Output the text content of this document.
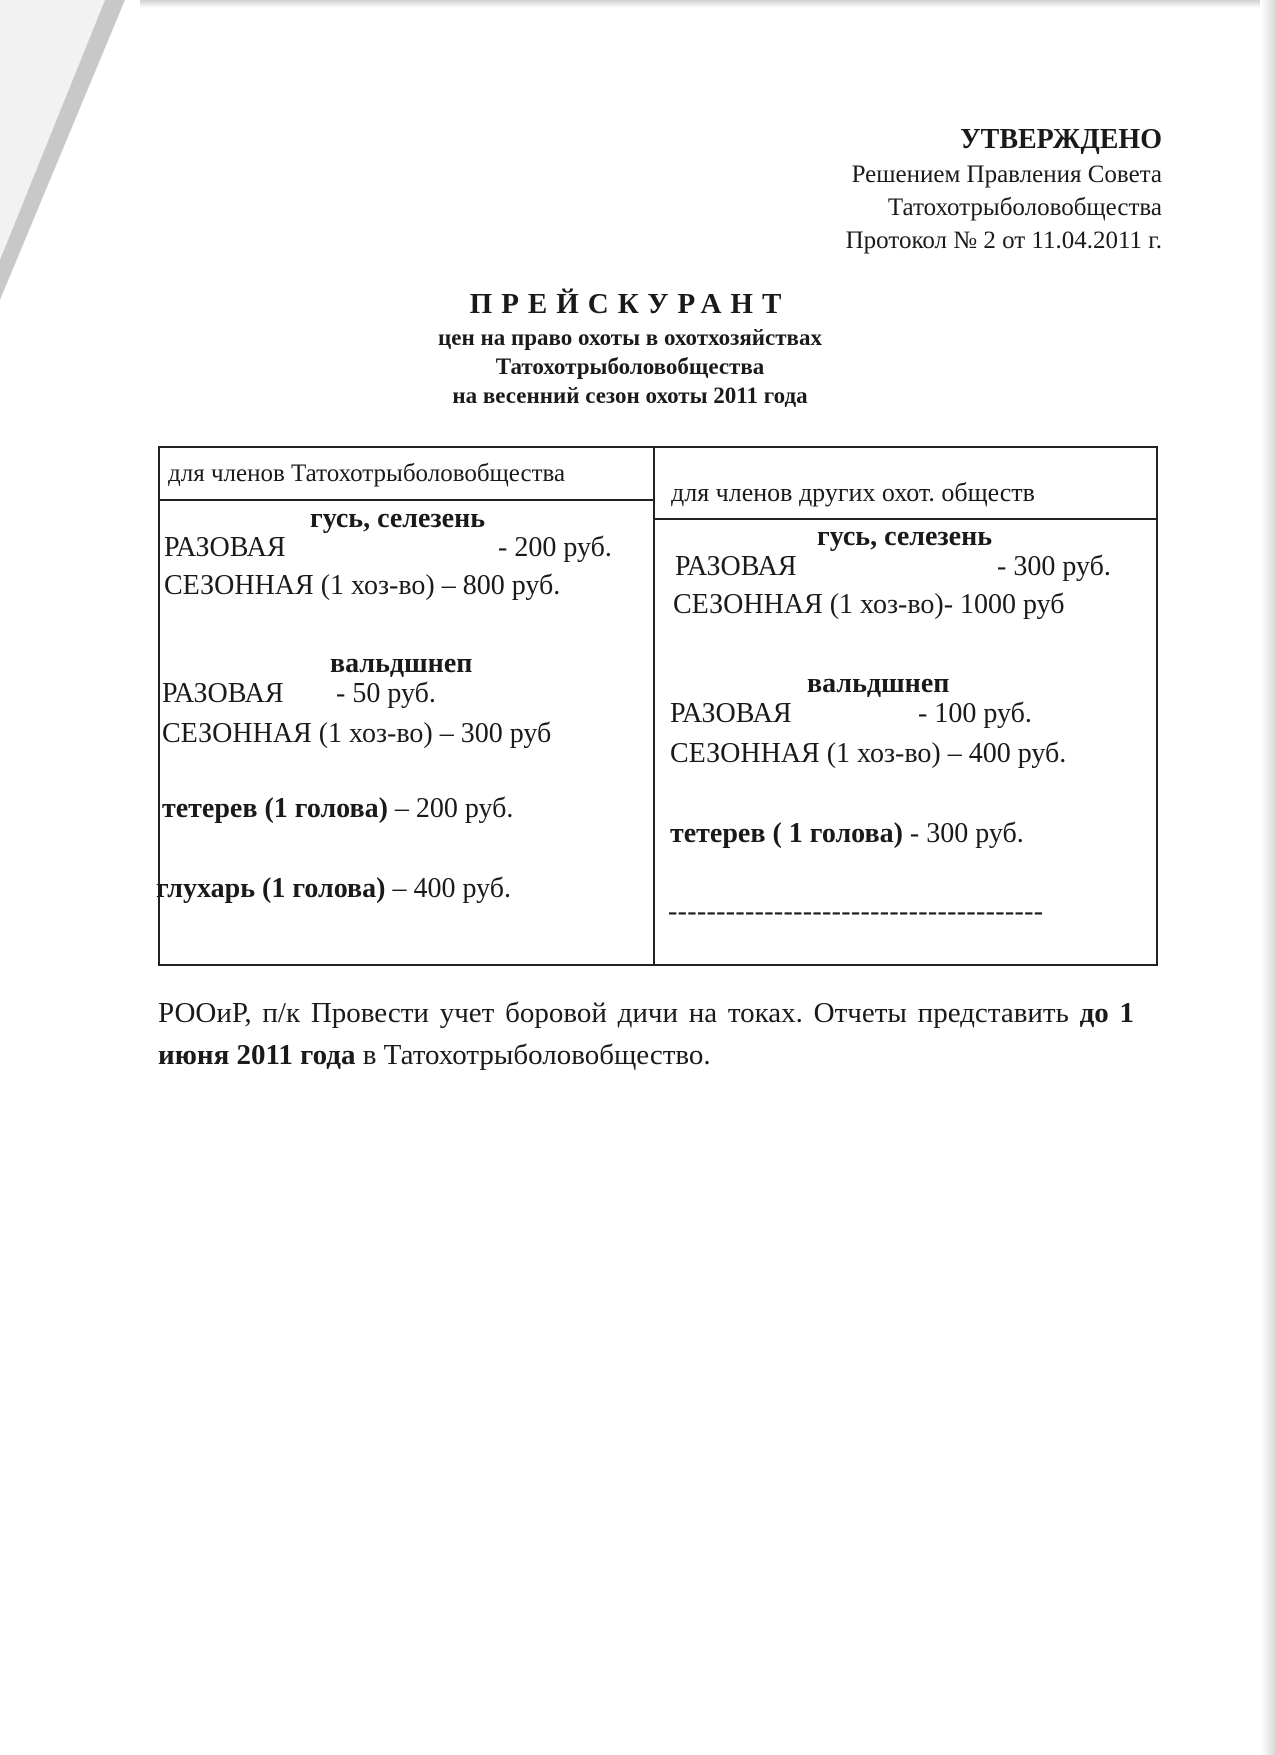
УТВЕРЖДЕНО
Решением Правления Совета
Татохотрыболовобщества
Протокол № 2 от 11.04.2011 г.
ПРЕЙСКУРАНТ
цен на право охоты в охотхозяйствах
Татохотрыболовобщества
на весенний сезон охоты 2011 года
для членов Татохотрыболовобщества
гусь, селезень
РАЗОВАЯ	- 200 руб.
СЕЗОННАЯ (1 хоз-во) – 800 руб.
вальдшнеп
РАЗОВАЯ - 50 руб.
СЕЗОННАЯ (1 хоз-во) – 300 руб
тетерев (1 голова) – 200 руб.
глухарь (1 голова) – 400 руб.
для членов других охот. обществ
гусь, селезень
РАЗОВАЯ	- 300 руб.
СЕЗОННАЯ (1 хоз-во)- 1000 руб
вальдшнеп
РАЗОВАЯ	- 100 руб.
СЕЗОННАЯ (1 хоз-во) – 400 руб.
тетерев ( 1 голова) - 300 руб.
---------------------------------------
РООиР, п/к Провести учет боровой дичи на токах. Отчеты представить до 1 июня 2011 года в Татохотрыболовобщество.
